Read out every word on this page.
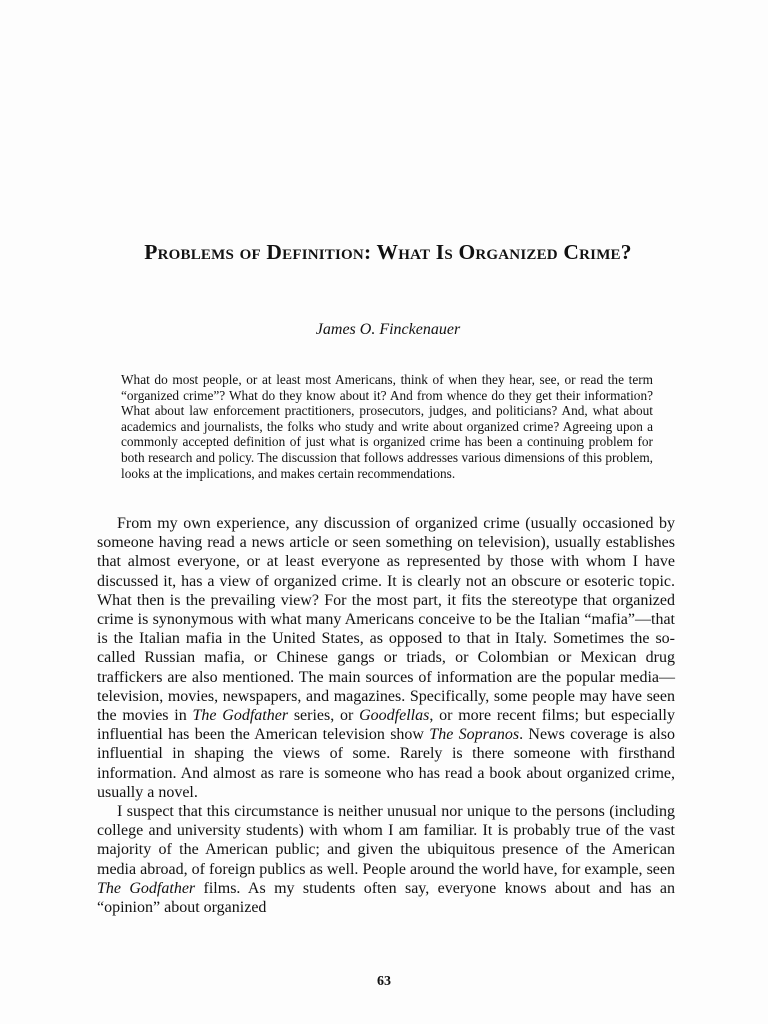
Problems of Definition: What Is Organized Crime?
James O. Finckenauer
What do most people, or at least most Americans, think of when they hear, see, or read the term “organized crime”? What do they know about it? And from whence do they get their information? What about law enforcement practitioners, prosecutors, judges, and politicians? And, what about academics and journalists, the folks who study and write about organized crime? Agreeing upon a commonly accepted definition of just what is organized crime has been a continuing problem for both research and policy. The discussion that follows addresses various dimensions of this problem, looks at the implications, and makes certain recommendations.

From my own experience, any discussion of organized crime (usually occasioned by someone having read a news article or seen something on television), usually establishes that almost everyone, or at least everyone as represented by those with whom I have discussed it, has a view of organized crime. It is clearly not an obscure or esoteric topic. What then is the prevailing view? For the most part, it fits the stereotype that organized crime is synonymous with what many Americans conceive to be the Italian “mafia”—that is the Italian mafia in the United States, as opposed to that in Italy. Sometimes the so-called Russian mafia, or Chinese gangs or triads, or Colombian or Mexican drug traffickers are also mentioned. The main sources of information are the popular media—television, movies, newspapers, and magazines. Specifically, some people may have seen the movies in The Godfather series, or Goodfellas, or more recent films; but especially influential has been the American television show The Sopranos. News coverage is also influential in shaping the views of some. Rarely is there someone with firsthand information. And almost as rare is someone who has read a book about organized crime, usually a novel.

I suspect that this circumstance is neither unusual nor unique to the persons (including college and university students) with whom I am familiar. It is probably true of the vast majority of the American public; and given the ubiquitous presence of the American media abroad, of foreign publics as well. People around the world have, for example, seen The Godfather films. As my students often say, everyone knows about and has an “opinion” about organized

63
